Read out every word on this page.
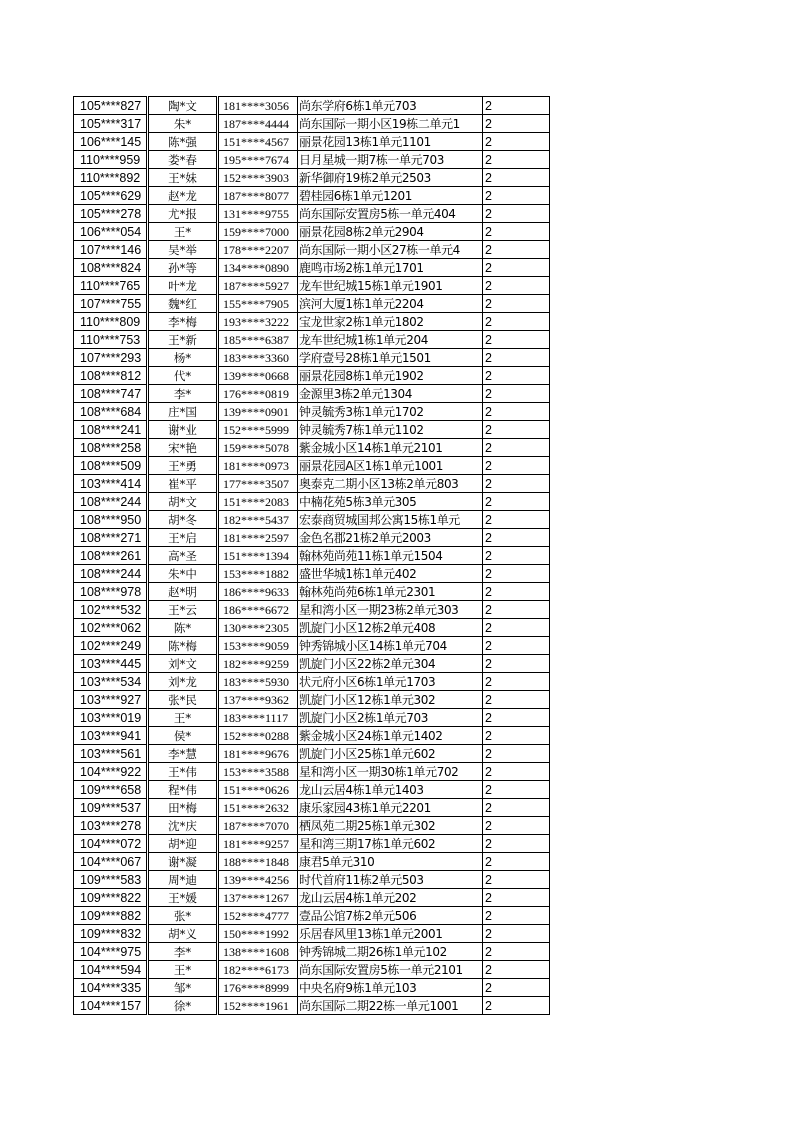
105****827	陶*文	181****3056	尚东学府6栋1单元703	2
105****317	朱*	187****4444	尚东国际一期小区19栋二单元1	2
106****145	陈*强	151****4567	丽景花园13栋1单元1101	2
110****959	娄*春	195****7674	日月星城一期7栋一单元703	2
110****892	王*妹	152****3903	新华御府19栋2单元2503	2
105****629	赵*龙	187****8077	碧桂园6栋1单元1201	2
105****278	尤*报	131****9755	尚东国际安置房5栋一单元404	2
106****054	王*	159****7000	丽景花园8栋2单元2904	2
107****146	吴*举	178****2207	尚东国际一期小区27栋一单元4	2
108****824	孙*等	134****0890	鹿鸣市场2栋1单元1701	2
110****765	叶*龙	187****5927	龙车世纪城15栋1单元1901	2
107****755	魏*红	155****7905	滨河大厦1栋1单元2204	2
110****809	李*梅	193****3222	宝龙世家2栋1单元1802	2
110****753	王*新	185****6387	龙车世纪城1栋1单元204	2
107****293	杨*	183****3360	学府壹号28栋1单元1501	2
108****812	代*	139****0668	丽景花园8栋1单元1902	2
108****747	李*	176****0819	金源里3栋2单元1304	2
108****684	庄*国	139****0901	钟灵毓秀3栋1单元1702	2
108****241	谢*业	152****5999	钟灵毓秀7栋1单元1102	2
108****258	宋*艳	159****5078	紫金城小区14栋1单元2101	2
108****509	王*勇	181****0973	丽景花园A区1栋1单元1001	2
103****414	崔*平	177****3507	奥泰克二期小区13栋2单元803	2
108****244	胡*文	151****2083	中楠花苑5栋3单元305	2
108****950	胡*冬	182****5437	宏泰商贸城国邦公寓15栋1单元	2
108****271	王*启	181****2597	金色名郡21栋2单元2003	2
108****261	高*圣	151****1394	翰林苑尚苑11栋1单元1504	2
108****244	朱*中	153****1882	盛世华城1栋1单元402	2
108****978	赵*明	186****9633	翰林苑尚苑6栋1单元2301	2
102****532	王*云	186****6672	星和湾小区一期23栋2单元303	2
102****062	陈*	130****2305	凯旋门小区12栋2单元408	2
102****249	陈*梅	153****9059	钟秀锦城小区14栋1单元704	2
103****445	刘*文	182****9259	凯旋门小区22栋2单元304	2
103****534	刘*龙	183****5930	状元府小区6栋1单元1703	2
103****927	张*民	137****9362	凯旋门小区12栋1单元302	2
103****019	王*	183****1117	凯旋门小区2栋1单元703	2
103****941	侯*	152****0288	紫金城小区24栋1单元1402	2
103****561	李*慧	181****9676	凯旋门小区25栋1单元602	2
104****922	王*伟	153****3588	星和湾小区一期30栋1单元702	2
109****658	程*伟	151****0626	龙山云居4栋1单元1403	2
109****537	田*梅	151****2632	康乐家园43栋1单元2201	2
103****278	沈*庆	187****7070	栖凤苑二期25栋1单元302	2
104****072	胡*迎	181****9257	星和湾三期17栋1单元602	2
104****067	谢*凝	188****1848	康君5单元310	2
109****583	周*迪	139****4256	时代首府11栋2单元503	2
109****822	王*媛	137****1267	龙山云居4栋1单元202	2
109****882	张*	152****4777	壹品公馆7栋2单元506	2
109****832	胡*义	150****1992	乐居春风里13栋1单元2001	2
104****975	李*	138****1608	钟秀锦城二期26栋1单元102	2
104****594	王*	182****6173	尚东国际安置房5栋一单元2101	2
104****335	邹*	176****8999	中央名府9栋1单元103	2
104****157	徐*	152****1961	尚东国际二期22栋一单元1001	2
